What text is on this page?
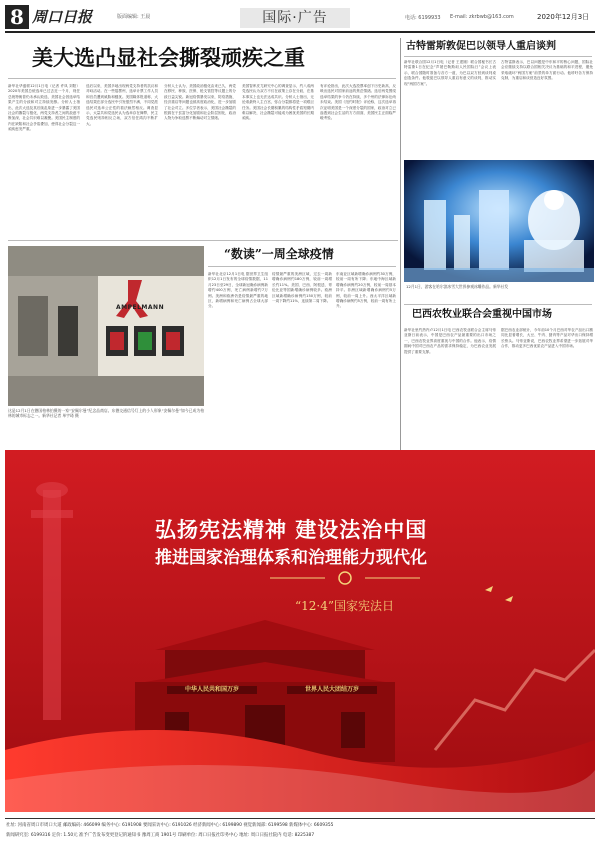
8 周口日报	版面编辑: 王晨	国际·广告	电话: 6199933 E-mail: zkrbwb@163.com	2020年12月3日
美大选凸显社会撕裂顽疾之重
新华社华盛顿12月1日电（记者 许凤 刘阳）2020年美国总统选举已过去近一个月，现任总统特朗普仍未承认败选，美国社会因选举结果产生的分歧和对立持续发酵。分析人士指出，此次大选及其后续乱象进一步暴露了美国社会的撕裂与极化，两党支持者之间的敌意不断加深，社会共识难以凝聚。美国民主制度的内在缺陷和社会矛盾叠加，使得社会分裂这一顽疾愈发严重。
选后以来，美国多地出现两党支持者的抗议和对峙活动。在一些摇摆州，选举计票工作人员和官员遭到威胁和骚扰。美国媒体报道称，大选结果在部分选民中引发强烈不满，不同党派选民对选举公正性的看法截然相反。调查显示，大量共和党选民认为选举存在舞弊，民主党选民则持相反立场，双方信任鸿沟不断扩大。
分析人士认为，美国政治极化由来已久，两党在移民、种族、医保、枪支管控等议题上的分歧日益尖锐。新冠疫情暴发以来，防疫措施、经济重启等问题也被高度政治化，进一步加剧了社会对立。多位学者表示，美国社会撕裂的根源在于贫富分化加剧和社会阶层固化，政治人物为争取选票不断煽动对立情绪。
美国智库皮尤研究中心的调查显示，约八成两党选民认为双方不仅在政策上存在分歧，在基本事实上也无法达成共识。分析人士指出，无论谁最终入主白宫，弥合分裂都将是一项艰巨任务。美国社会长期积累的结构性矛盾短期内难以解决，社会撕裂可能成为困扰美国的长期顽疾。
有评论指出，此次大选投票率创下历史新高，反映出选民对国家前途的焦虑情绪。选后两党围绕选举结果的争斗仍在持续，多个州的法律诉讼尚未结束。美国《纽约时报》评论称，这次选举再次证明美国是一个深度分裂的国家，政治对立已渗透到社会生活的方方面面，美国民主正面临严峻考验。
古特雷斯敦促巴以领导人重启谈判
新华社联合国12月1日电（记者 王建刚）联合国秘书长古特雷斯1日在纪念“声援巴勒斯坦人民国际日”会议上表示，联合国随时准备与各方一道，为巴以双方回到谈判桌创造条件。他敦促巴以领导人重启有意义的谈判，推动实现“两国方案”。
古特雷斯表示，巴以问题是中东和平的核心问题，国际社会应继续支持以联合国相关决议为基础的和平进程，避免采取破坏“两国方案”前景的单方面行动。他呼吁各方保持克制，为重启和谈营造良好氛围。
12月1日，游客在哈尔滨冰雪大世界参观冰雕作品。新华社发
巴西农牧业联合会重视中国市场
新华社里约热内卢12月1日电 巴西农牧业联合会主席马蒂亚斯日前表示，中国是巴西农产品最重要的出口市场之一，巴西农牧业界高度重视与中国的合作。他表示，疫情期间中国对巴西农产品的需求保持稳定，为巴西农业发展提供了重要支撑。
据巴西农业部统计，今年前10个月巴西对华农产品出口额同比显著增长，大豆、牛肉、猪肉等产品对华出口保持增长势头。马蒂亚斯说，巴西农牧业界希望进一步拓展对华合作，推动更多巴西优质农产品进入中国市场。
AMPELMANN
这是12月1日在德国柏林拍摄的一家“安佩尔曼”纪念品商店。东德交通信号灯上的小人形象“安佩尔曼”如今已成为柏林的城市标志之一。新华社记者 单宇琦 摄
“数读”一周全球疫情
新华社北京12月1日电 据世界卫生组织12月1日发布的全球疫情数据，11月23日至29日，全球新冠确诊病例新增约400万例，死亡病例新增约7万例。美洲和欧洲仍是疫情最严重的地区，新增病例和死亡病例占全球大部分。
疫情最严重的美洲区域，过去一周新增确诊病例约180万例，较前一周增长约11%。美国、巴西、阿根廷、哥伦比亚等国新增确诊病例较多。欧洲区域新增确诊病例约150万例，较前一周下降约11%，连续第二周下降。
东南亚区域新增确诊病例约30万例，较前一周有所下降；东地中海区域新增确诊病例约20万例，较前一周基本持平。非洲区域新增确诊病例约5万例，较前一周上升。西太平洋区域新增确诊病例约5万例，较前一周有所上升。
弘扬宪法精神 建设法治中国
推进国家治理体系和治理能力现代化
“12·4”国家宪法日
中华人民共和国万岁	世界人民大团结万岁
社址: 河南省周口市周口大道 邮政编码: 466099 编务中心: 6191908 要闻采访中心: 6191026 经济新闻中心: 6199890 视觉新闻部: 6199598 新媒体中心: 6609355
新闻研究室: 6199316 定价: 1.50元 准予广告发布变更登记的通知书 豫周工商 1901号 印刷单位: 周口日报社印务中心 地址: 周口日报社院内 电话: 8225387
